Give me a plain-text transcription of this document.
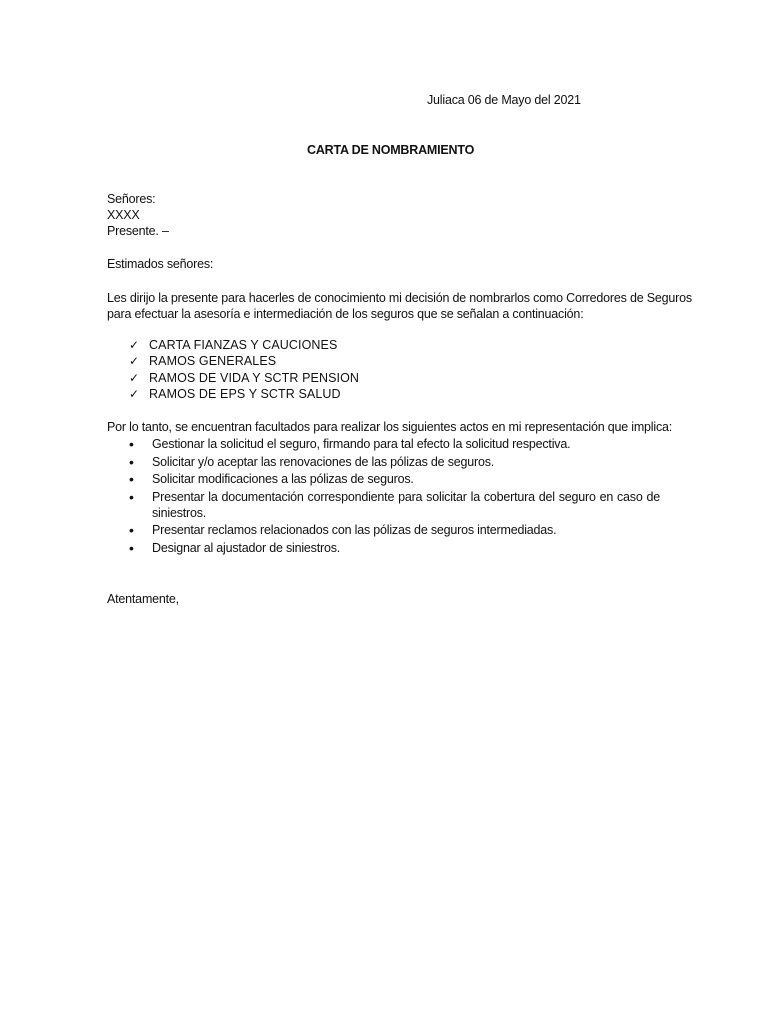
Juliaca 06 de Mayo del 2021
CARTA DE NOMBRAMIENTO
Señores:
XXXX
Presente. –
Estimados señores:
Les dirijo la presente para hacerles de conocimiento mi decisión de nombrarlos como Corredores de Seguros
para efectuar la asesoría e intermediación de los seguros que se señalan a continuación:
✓ CARTA FIANZAS Y CAUCIONES
✓ RAMOS GENERALES
✓ RAMOS DE VIDA Y SCTR PENSION
✓ RAMOS DE EPS Y SCTR SALUD
Por lo tanto, se encuentran facultados para realizar los siguientes actos en mi representación que implica:
• Gestionar la solicitud el seguro, firmando para tal efecto la solicitud respectiva.
• Solicitar y/o aceptar las renovaciones de las pólizas de seguros.
• Solicitar modificaciones a las pólizas de seguros.
• Presentar la documentación correspondiente para solicitar la cobertura del seguro en caso de
siniestros.
• Presentar reclamos relacionados con las pólizas de seguros intermediadas.
• Designar al ajustador de siniestros.
Atentamente,
